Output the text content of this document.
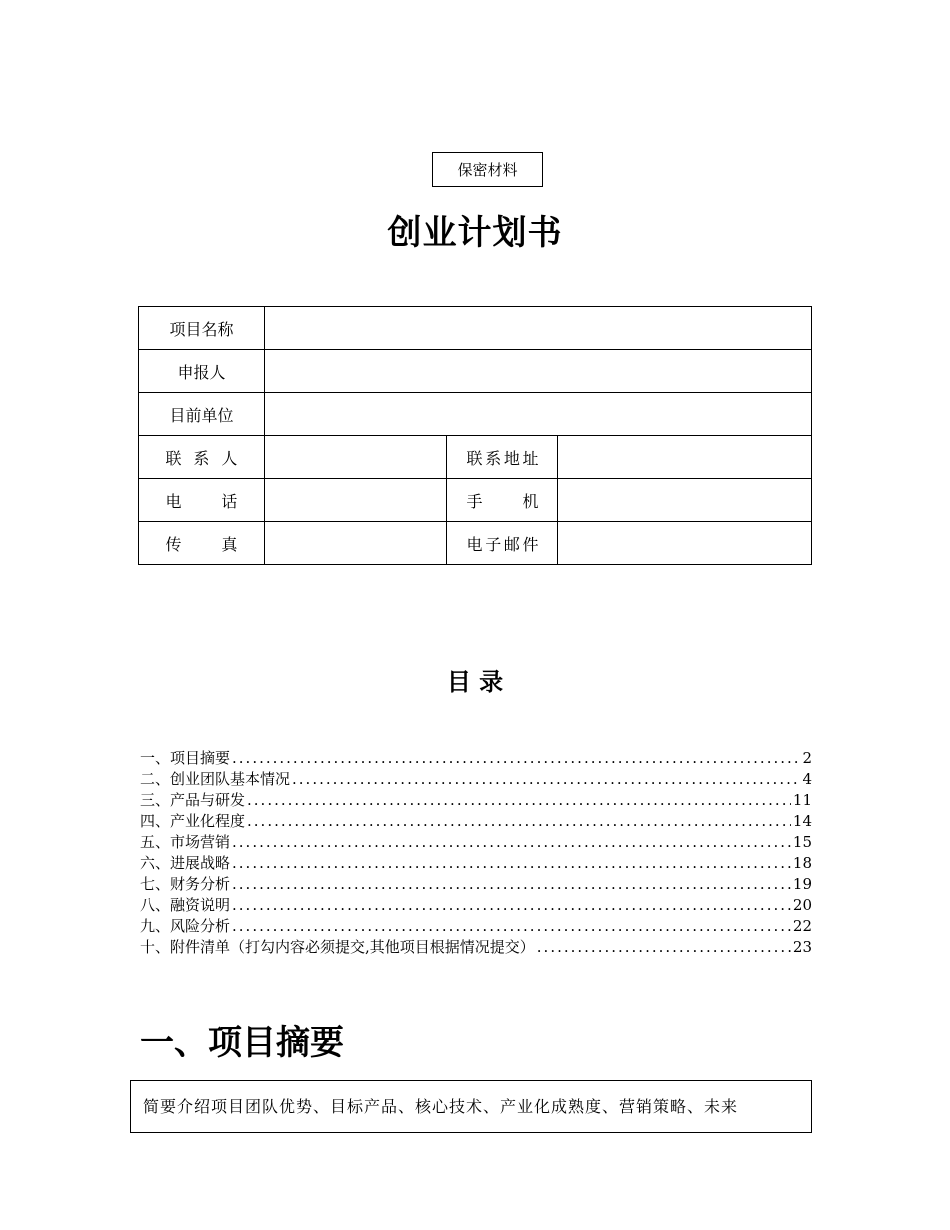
保密材料
创业计划书
项目名称			
申报人			
目前单位			
联 系 人		联系地址	
电 话		手 机	
传 真		电子邮件	
目 录
一、项目摘要 .....	2
二、创业团队基本情况 .....	4
三、产品与研发 .....	11
四、产业化程度 .....	14
五、市场营销 .....	15
六、进展战略 .....	18
七、财务分析 .....	19
八、融资说明 .....	20
九、风险分析 .....	22
十、附件清单（打勾内容必须提交,其他项目根据情况提交） .....	23
一、项目摘要
简要介绍项目团队优势、目标产品、核心技术、产业化成熟度、营销策略、未来
